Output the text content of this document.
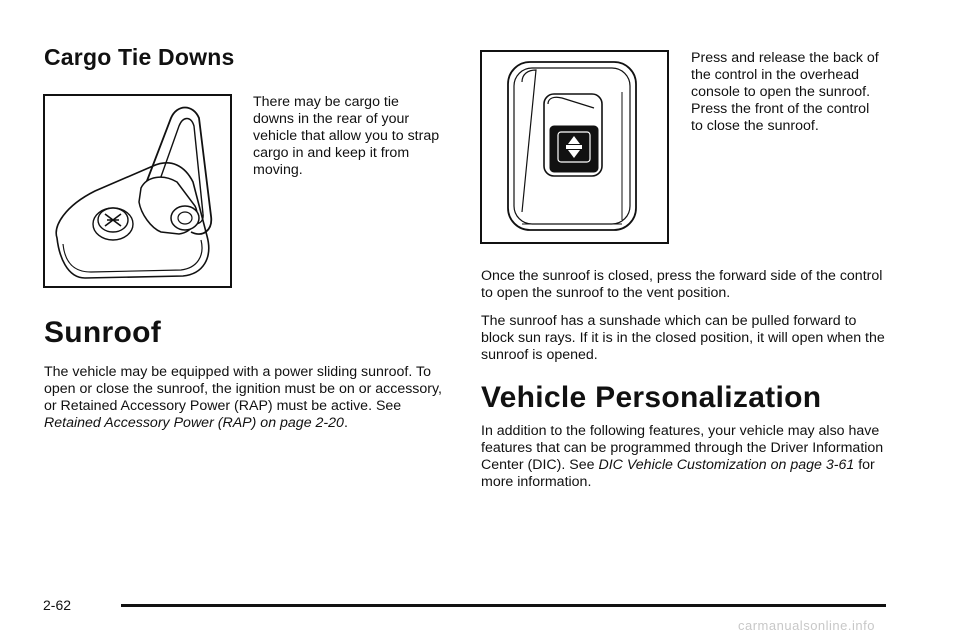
Cargo Tie Downs

There may be cargo tie downs in the rear of your vehicle that allow you to strap cargo in and keep it from moving.

Sunroof

The vehicle may be equipped with a power sliding sunroof. To open or close the sunroof, the ignition must be on or accessory, or Retained Accessory Power (RAP) must be active. See Retained Accessory Power (RAP) on page 2-20.

Press and release the back of the control in the overhead console to open the sunroof. Press the front of the control to close the sunroof.

Once the sunroof is closed, press the forward side of the control to open the sunroof to the vent position.

The sunroof has a sunshade which can be pulled forward to block sun rays. If it is in the closed position, it will open when the sunroof is opened.

Vehicle Personalization

In addition to the following features, your vehicle may also have features that can be programmed through the Driver Information Center (DIC). See DIC Vehicle Customization on page 3-61 for more information.

2-62
carmanualsonline.info
